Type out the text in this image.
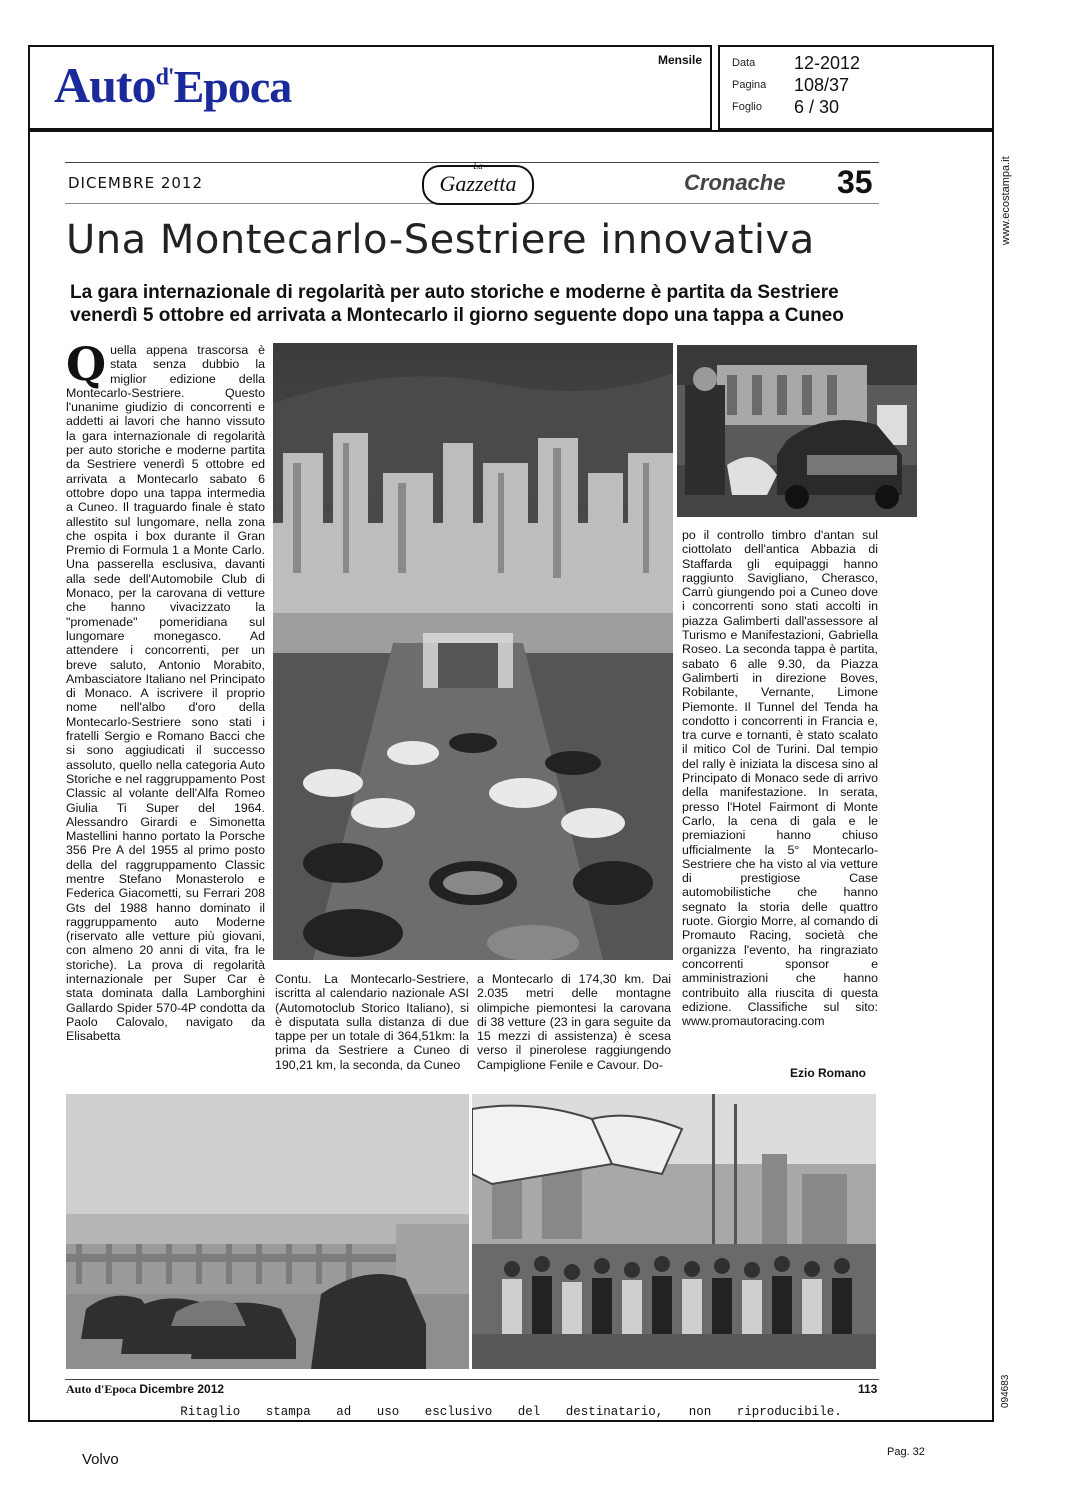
Auto$^{d'}$Epoca
Mensile	Data 12-2012
Pagina 108/37
Foglio 6 / 30
www.ecostampa.it
094683
DICEMBRE 2012
La
Gazzetta	Cronache 35
Una Montecarlo-Sestriere innovativa
La gara internazionale di regolarità per auto storiche e moderne è partita da Sestriere venerdì 5 ottobre ed arrivata a Montecarlo il giorno seguente dopo una tappa a Cuneo
Q uella appena trascorsa è stata senza dubbio la miglior edizione della Montecarlo-Sestriere. Questo l'unanime giudizio di concorrenti e addetti ai lavori che hanno vissuto la gara internazionale di regolarità per auto storiche e moderne partita da Sestriere venerdì 5 ottobre ed arrivata a Montecarlo sabato 6 ottobre dopo una tappa intermedia a Cuneo. Il traguardo finale è stato allestito sul lungomare, nella zona che ospita i box durante il Gran Premio di Formula 1 a Monte Carlo. Una passerella esclusiva, davanti alla sede dell'Automobile Club di Monaco, per la carovana di vetture che hanno vivacizzato la "promenade" pomeridiana sul lungomare monegasco. Ad attendere i concorrenti, per un breve saluto, Antonio Morabito, Ambasciatore Italiano nel Principato di Monaco. A iscrivere il proprio nome nell'albo d'oro della Montecarlo-Sestriere sono stati i fratelli Sergio e Romano Bacci che si sono aggiudicati il successo assoluto, quello nella categoria Auto Storiche e nel raggruppamento Post Classic al volante dell'Alfa Romeo Giulia Ti Super del 1964. Alessandro Girardi e Simonetta Mastellini hanno portato la Porsche 356 Pre A del 1955 al primo posto della del raggruppamento Classic mentre Stefano Monasterolo e Federica Giacometti, su Ferrari 208 Gts del 1988 hanno dominato il raggruppamento auto Moderne (riservato alle vetture più giovani, con almeno 20 anni di vita, fra le storiche). La prova di regolarità internazionale per Super Car è stata dominata dalla Lamborghini Gallardo Spider 570-4P condotta da Paolo Calovalo, navigato da Elisabetta

Contu. La Montecarlo-Sestriere, iscritta al calendario nazionale ASI (Automotoclub Storico Italiano), si è disputata sulla distanza di due tappe per un totale di 364,51km: la prima da Sestriere a Cuneo di 190,21 km, la seconda, da Cuneo

a Montecarlo di 174,30 km. Dai 2.035 metri delle montagne olimpiche piemontesi la carovana di 38 vetture (23 in gara seguite da 15 mezzi di assistenza) è scesa verso il pinerolese raggiungendo Campiglione Fenile e Cavour. Do-

po il controllo timbro d'antan sul ciottolato dell'antica Abbazia di Staffarda gli equipaggi hanno raggiunto Savigliano, Cherasco, Carrù giungendo poi a Cuneo dove i concorrenti sono stati accolti in piazza Galimberti dall'assessore al Turismo e Manifestazioni, Gabriella Roseo. La seconda tappa è partita, sabato 6 alle 9.30, da Piazza Galimberti in direzione Boves, Robilante, Vernante, Limone Piemonte. Il Tunnel del Tenda ha condotto i concorrenti in Francia e, tra curve e tornanti, è stato scalato il mitico Col de Turini. Dal tempio del rally è iniziata la discesa sino al Principato di Monaco sede di arrivo della manifestazione. In serata, presso l'Hotel Fairmont di Monte Carlo, la cena di gala e le premiazioni hanno chiuso ufficialmente la 5° Montecarlo-Sestriere che ha visto al via vetture di prestigiose Case automobilistiche che hanno segnato la storia delle quattro ruote. Giorgio Morre, al comando di Promauto Racing, società che organizza l'evento, ha ringraziato concorrenti sponsor e amministrazioni che hanno contribuito alla riuscita di questa edizione. Classifiche sul sito: www.promautoracing.com

Ezio Romano
Auto d'Epoca Dicembre 2012	113
Ritaglio stampa ad uso esclusivo del destinatario, non riproducibile.
Volvo	Pag. 32
